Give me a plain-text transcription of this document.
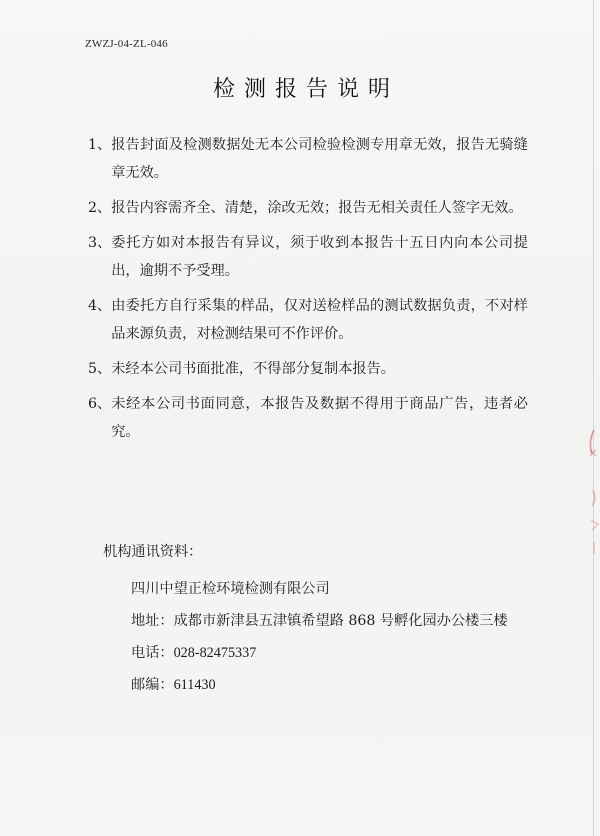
ZWZJ-04-ZL-046
检测报告说明
1、 报告封面及检测数据处无本公司检验检测专用章无效，报告无骑缝章无效。
2、 报告内容需齐全、清楚，涂改无效；报告无相关责任人签字无效。
3、 委托方如对本报告有异议，须于收到本报告十五日内向本公司提出，逾期不予受理。
4、 由委托方自行采集的样品，仅对送检样品的测试数据负责，不对样品来源负责，对检测结果可不作评价。
5、 未经本公司书面批准，不得部分复制本报告。
6、 未经本公司书面同意，本报告及数据不得用于商品广告，违者必究。
机构通讯资料：
四川中望正检环境检测有限公司
地址：成都市新津县五津镇希望路 868 号孵化园办公楼三楼
电话：028-82475337
邮编：611430
